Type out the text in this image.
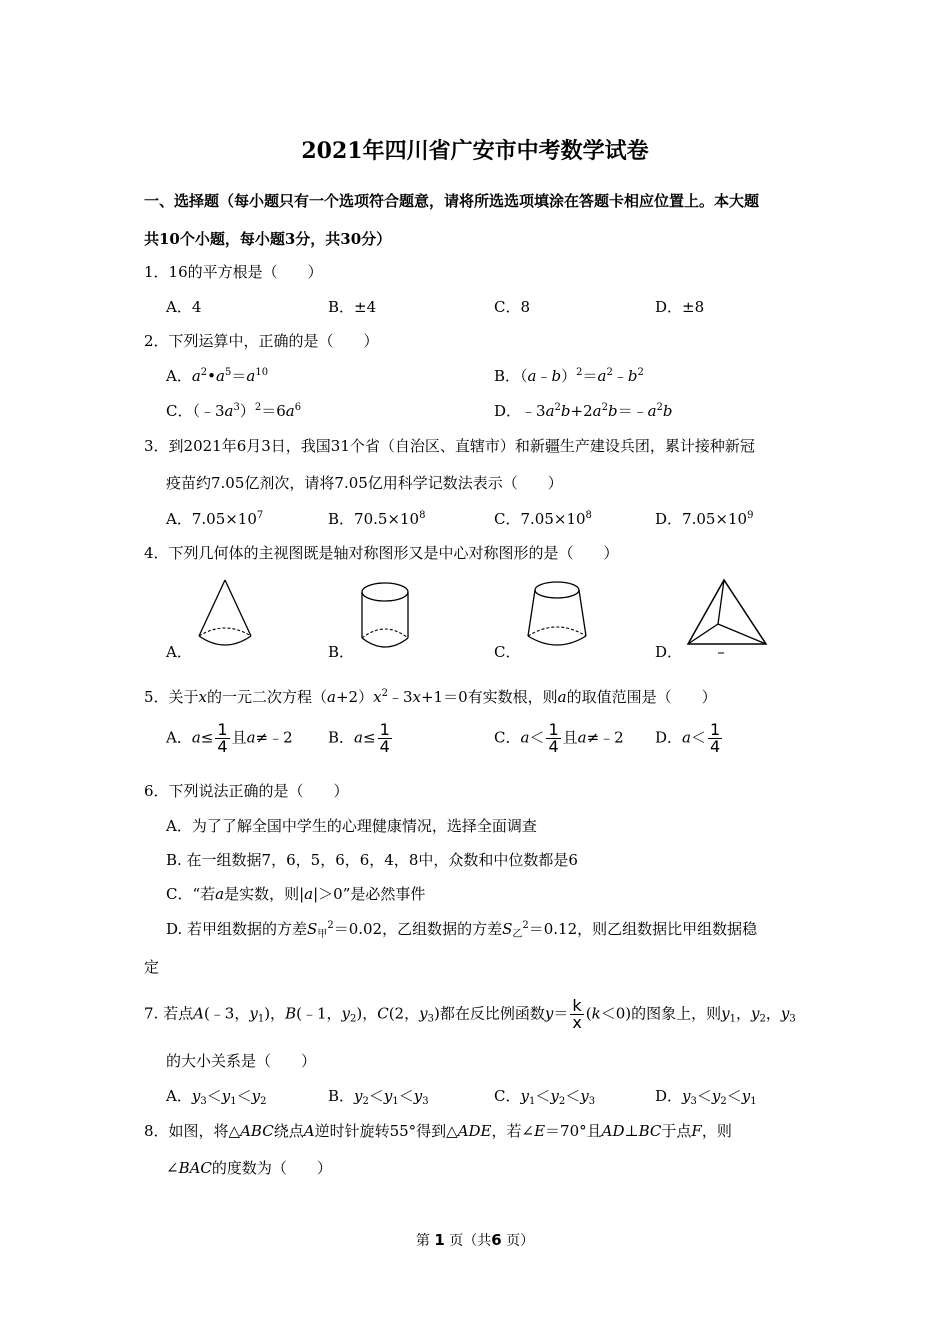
2021年四川省广安市中考数学试卷
一、选择题（每小题只有一个选项符合题意，请将所选选项填涂在答题卡相应位置上。本大题
共10个小题，每小题3分，共30分）
1．16的平方根是（　　）
A．4	B．±4	C．8	D．±8
2．下列运算中，正确的是（　　）
A．$a^2•a^5=a^{10}$	B．$(a﹣b)^2=a^2﹣b^2$
C．$(﹣3a^3)^2=6a^6$	D．$﹣3a^2b+2a^2b=﹣a^2b$
3．到2021年6月3日，我国31个省（自治区、直辖市）和新疆生产建设兵团，累计接种新冠
疫苗约7.05亿剂次，请将7.05亿用科学记数法表示（　　）
A．$7.05\times 10^7$	B．$70.5\times 10^8$	C．$7.05\times 10^8$	D．$7.05\times 10^9$
4．下列几何体的主视图既是轴对称图形又是中心对称图形的是（　　）
A．	B．	C．	D．
5．关于x的一元二次方程$(a+2)x^2﹣3x+1=0$有实数根，则a的取值范围是（　　）
A．$a\le \frac{1}{4}$ 且a≠﹣2 B．$a\le \frac{1}{4}$	C．$a< \frac{1}{4}$ 且a≠﹣2 D．$a< \frac{1}{4}$
6．下列说法正确的是（　　）
A．为了了解全国中学生的心理健康情况，选择全面调查
B. 在一组数据7，6，5，6，6，4，8中，众数和中位数都是6
C．“若a是实数，则|a|＞0”是必然事件
D. 若甲组数据的方差$S_甲^2=0.02$，乙组数据的方差$S_乙^2=0.12$，则乙组数据比甲组数据稳
定
7. 若点A(﹣3，$y_1$)，B(﹣1，$y_2$)，C(2，$y_3$)都在反比例函数$y= \frac{k}{x} (k<0)$的图象上，则$y_1$，$y_2$，$y_3$
的大小关系是（　　）
A．$y_3<y_1<y_2$	B．$y_2<y_1<y_3$	C．$y_1<y_2<y_3$	D．$y_3<y_2<y_1$
8．如图，将△ABC绕点A逆时针旋转55°得到△ADE，若∠E＝70°且AD⊥BC于点F，则
∠BAC的度数为（　　）
第 1 页（共6 页）
